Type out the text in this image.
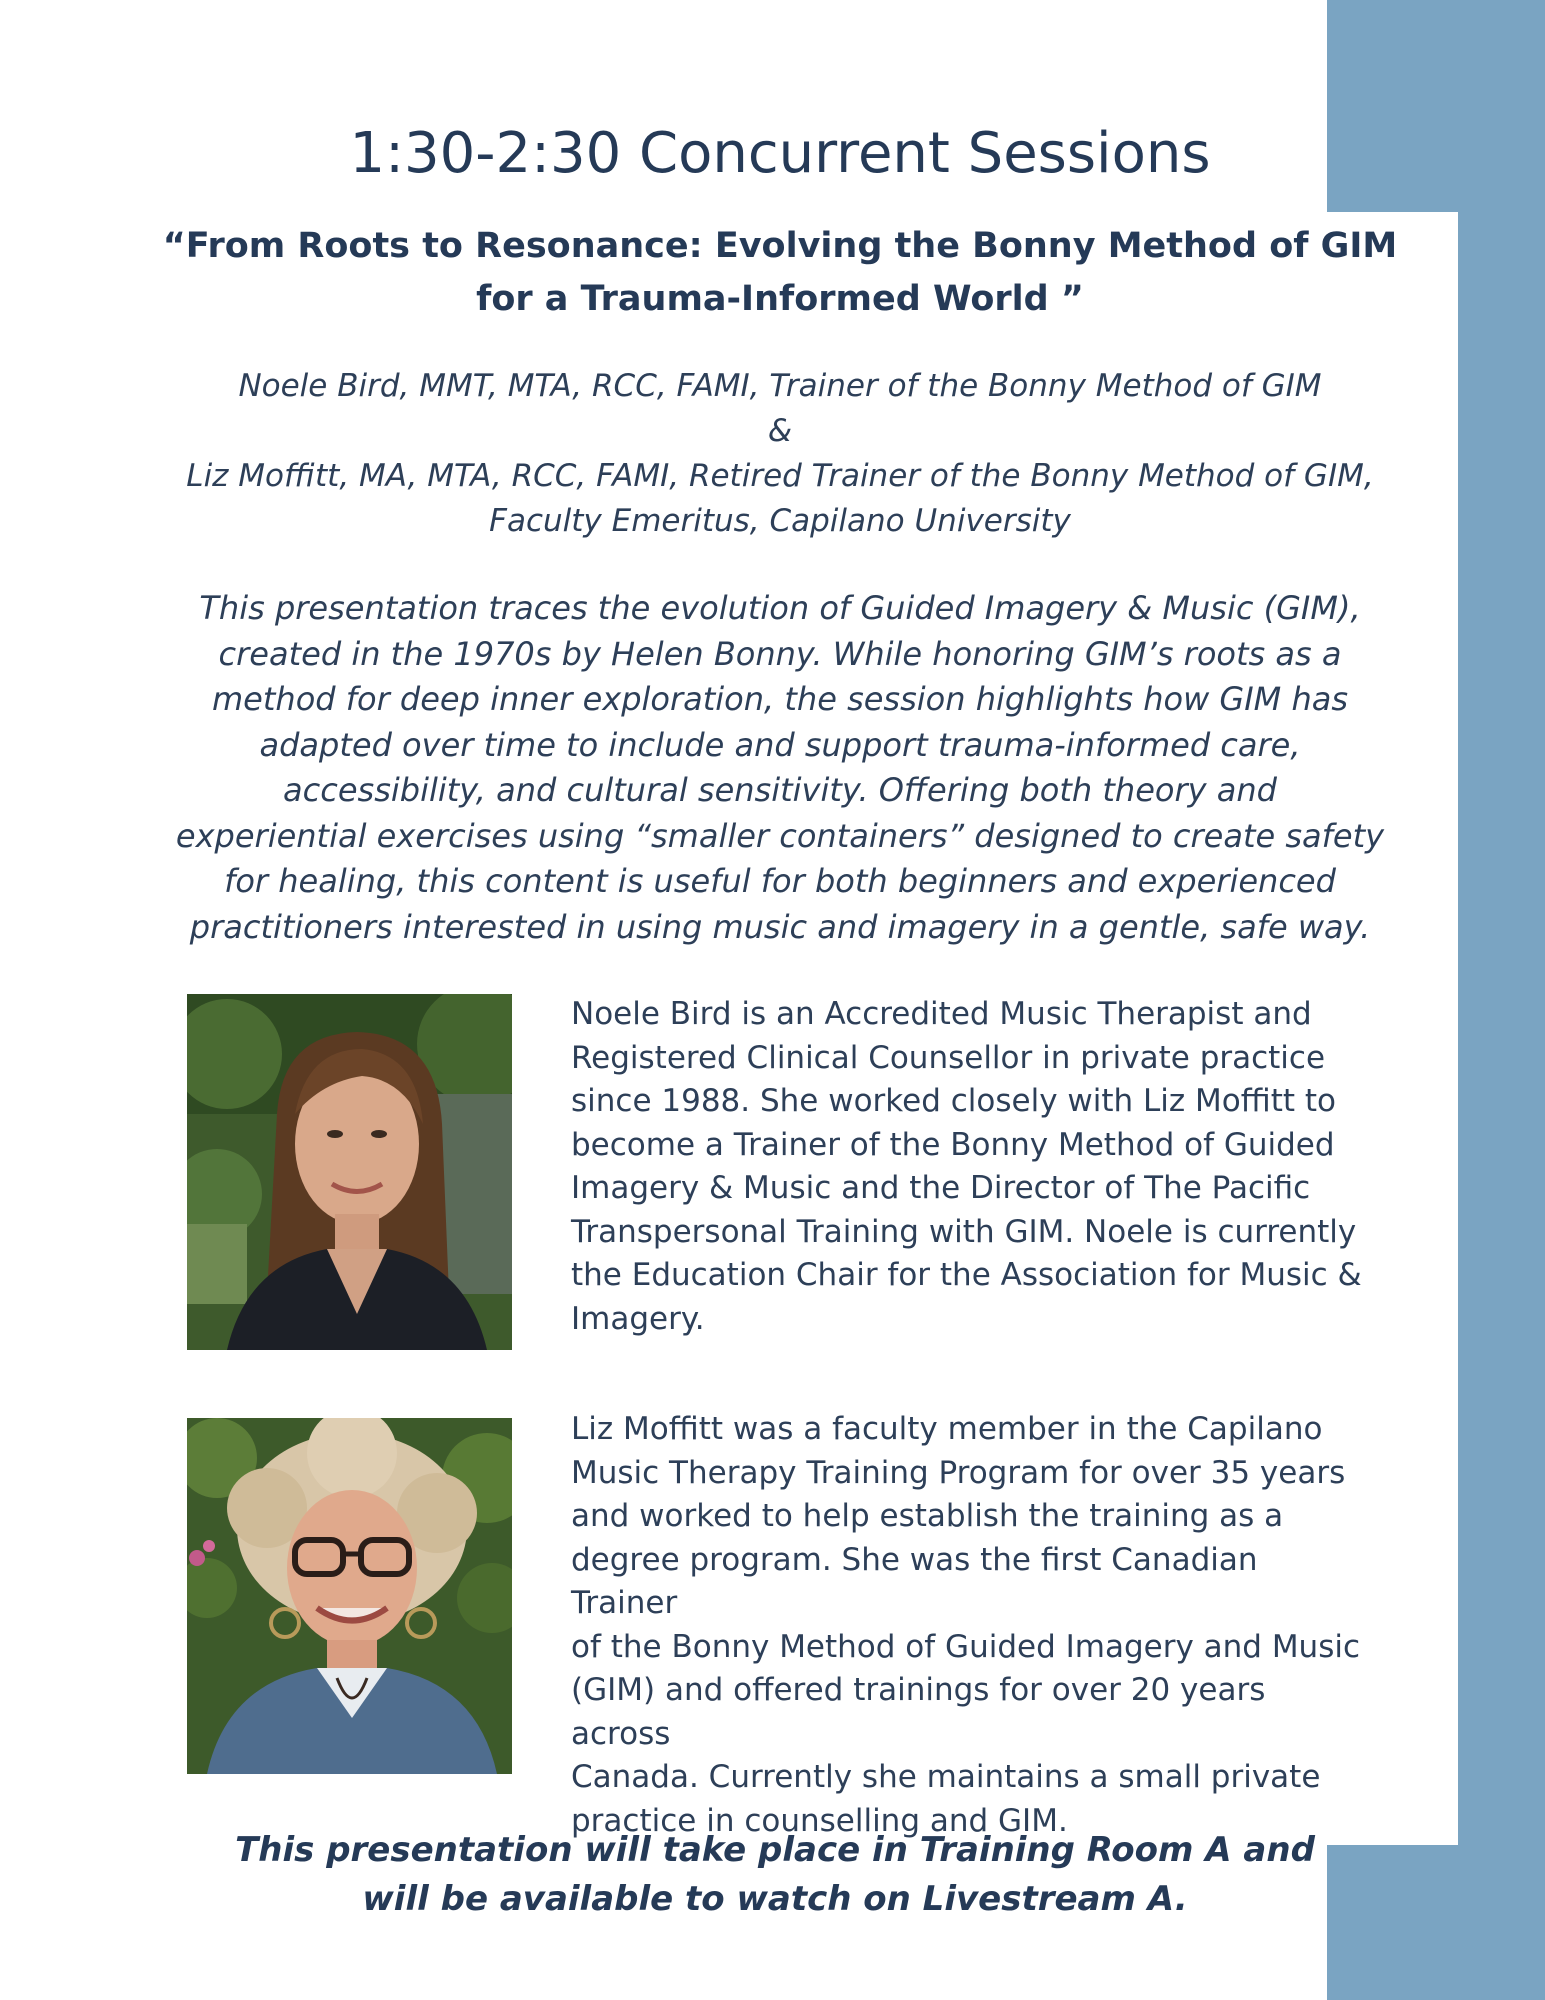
1:30-2:30 Concurrent Sessions
“From Roots to Resonance: Evolving the Bonny Method of GIM
for a Trauma-Informed World ”
Noele Bird, MMT, MTA, RCC, FAMI, Trainer of the Bonny Method of GIM
&
Liz Moffitt, MA, MTA, RCC, FAMI, Retired Trainer of the Bonny Method of GIM,
Faculty Emeritus, Capilano University

This presentation traces the evolution of Guided Imagery & Music (GIM),
created in the 1970s by Helen Bonny. While honoring GIM’s roots as a
method for deep inner exploration, the session highlights how GIM has
adapted over time to include and support trauma-informed care,
accessibility, and cultural sensitivity. Offering both theory and
experiential exercises using “smaller containers” designed to create safety
for healing, this content is useful for both beginners and experienced
practitioners interested in using music and imagery in a gentle, safe way.

Noele Bird is an Accredited Music Therapist and
Registered Clinical Counsellor in private practice
since 1988. She worked closely with Liz Moffitt to
become a Trainer of the Bonny Method of Guided
Imagery & Music and the Director of The Pacific
Transpersonal Training with GIM. Noele is currently
the Education Chair for the Association for Music &
Imagery.
Liz Moffitt was a faculty member in the Capilano
Music Therapy Training Program for over 35 years
and worked to help establish the training as a
degree program. She was the first Canadian Trainer
of the Bonny Method of Guided Imagery and Music
(GIM) and offered trainings for over 20 years across
Canada. Currently she maintains a small private
practice in counselling and GIM.

This presentation will take place in Training Room A and
will be available to watch on Livestream A.
